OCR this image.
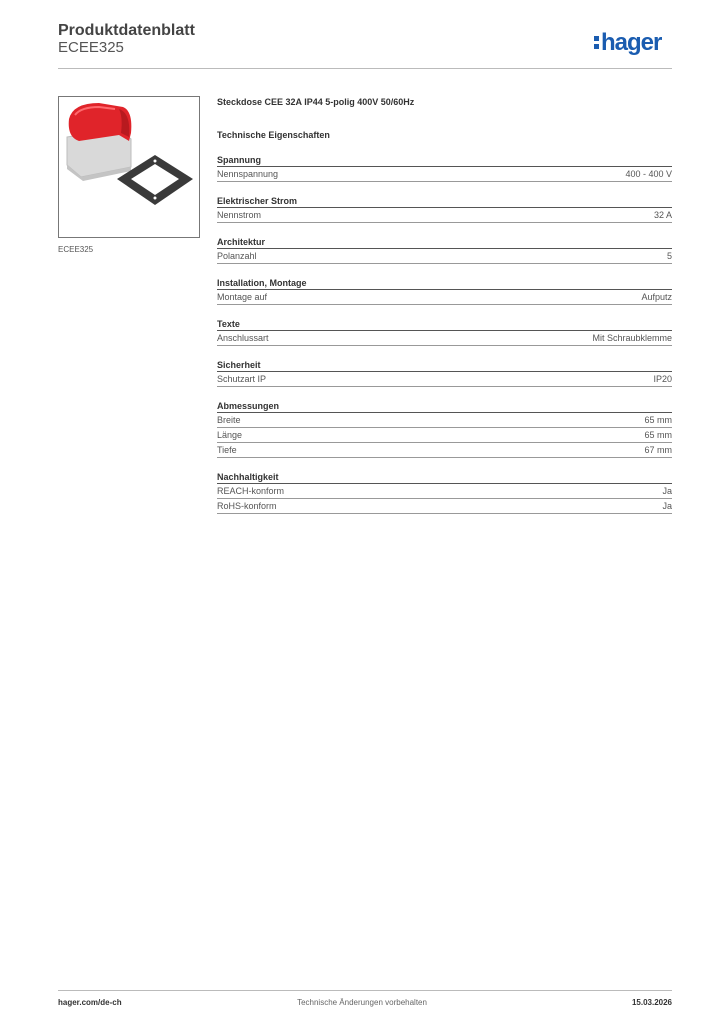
Produktdatenblatt
ECEE325	hager
ECEE325
Steckdose CEE 32A IP44 5-polig 400V 50/60Hz
Technische Eigenschaften
Spannung
Nennspannung	400 - 400 V
Elektrischer Strom
Nennstrom	32 A
Architektur
Polanzahl	5
Installation, Montage
Montage auf	Aufputz
Texte
Anschlussart	Mit Schraubklemme
Sicherheit
Schutzart IP	IP20
Abmessungen
Breite	65 mm
Länge	65 mm
Tiefe	67 mm
Nachhaltigkeit
REACH-konform	Ja
RoHS-konform	Ja
hager.com/de-ch	Technische Änderungen vorbehalten	15.03.2026
